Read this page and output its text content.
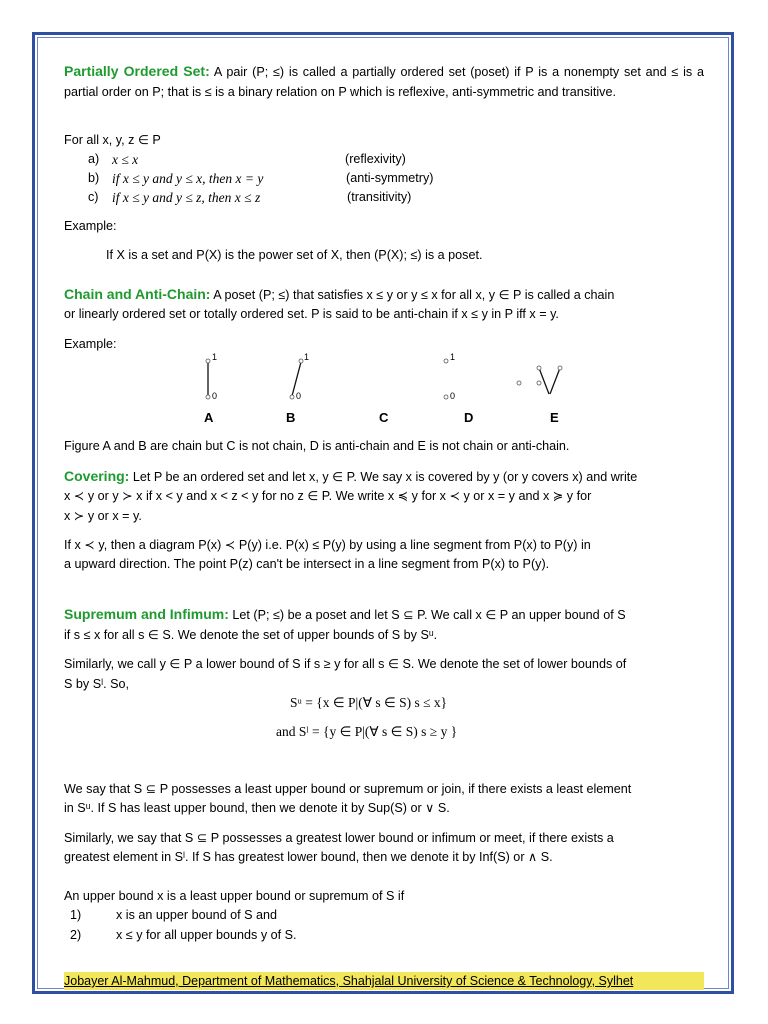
Partially Ordered Set: A pair (P; ≤) is called a partially ordered set (poset) if P is a nonempty set and ≤ is a partial order on P; that is ≤ is a binary relation on P which is reflexive, anti-symmetric and transitive.
For all x, y, z ∈ P
a) x ≤ x	(reflexivity)
b) if x ≤ y and y ≤ x, then x = y	(anti-symmetry)
c) if x ≤ y and y ≤ z, then x ≤ z	(transitivity)
Example:
If X is a set and P(X) is the power set of X, then (P(X); ≤) is a poset.
Chain and Anti-Chain: A poset (P; ≤) that satisfies x ≤ y or y ≤ x for all x, y ∈ P is called a chain
or linearly ordered set or totally ordered set. P is said to be anti-chain if x ≤ y in P iff x = y.
Example:
1
0
1
0
1
0
A	B	C	D	E
Figure A and B are chain but C is not chain, D is anti-chain and E is not chain or anti-chain.
Covering: Let P be an ordered set and let x, y ∈ P. We say x is covered by y (or y covers x) and write
x ≺ y or y ≻ x if x < y and x < z < y for no z ∈ P. We write x ≼ y for x ≺ y or x = y and x ≽ y for
x ≻ y or x = y.
If x ≺ y, then a diagram P(x) ≺ P(y) i.e. P(x) ≤ P(y) by using a line segment from P(x) to P(y) in
a upward direction. The point P(z) can't be intersect in a line segment from P(x) to P(y).
Supremum and Infimum: Let (P; ≤) be a poset and let S ⊆ P. We call x ∈ P an upper bound of S
if s ≤ x for all s ∈ S. We denote the set of upper bounds of S by Sᵘ.
Similarly, we call y ∈ P a lower bound of S if s ≥ y for all s ∈ S. We denote the set of lower bounds of
S by Sˡ. So,
Sᵘ = {x ∈ P|(∀ s ∈ S) s ≤ x}
and Sˡ = {y ∈ P|(∀ s ∈ S) s ≥ y }
We say that S ⊆ P possesses a least upper bound or supremum or join, if there exists a least element
in Sᵘ. If S has least upper bound, then we denote it by Sup(S) or ∨ S.
Similarly, we say that S ⊆ P possesses a greatest lower bound or infimum or meet, if there exists a
greatest element in Sˡ. If S has greatest lower bound, then we denote it by Inf(S) or ∧ S.
An upper bound x is a least upper bound or supremum of S if
1)	x is an upper bound of S and
2)	x ≤ y for all upper bounds y of S.
Jobayer Al-Mahmud, Department of Mathematics, Shahjalal University of Science & Technology, Sylhet
